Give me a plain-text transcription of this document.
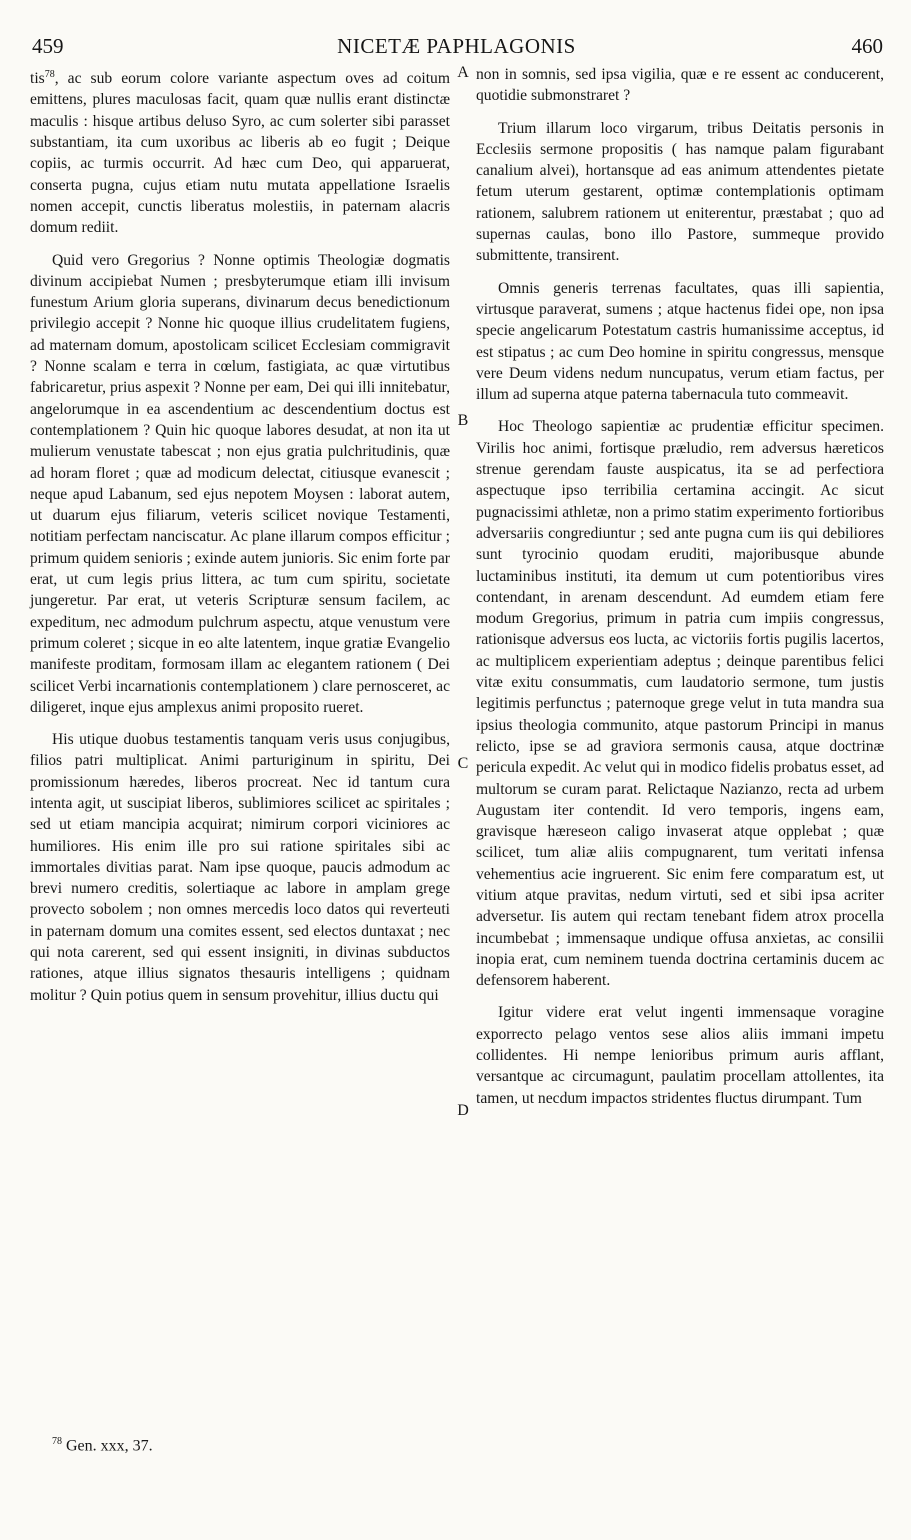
459	NICETÆ PAPHLAGONIS	460

tis$^{78}$, ac sub eorum colore variante aspectum oves ad coitum emittens, plures maculosas facit, quam quæ nullis erant distinctæ maculis : hisque artibus deluso Syro, ac cum solerter sibi parasset substantiam, ita cum uxoribus ac liberis ab eo fugit ; Deique copiis, ac turmis occurrit. Ad hæc cum Deo, qui apparuerat, conserta pugna, cujus etiam nutu mutata appellatione Israelis nomen accepit, cunctis liberatus molestiis, in paternam alacris domum rediit.

Quid vero Gregorius ? Nonne optimis Theologiæ dogmatis divinum accipiebat Numen ; presbyterumque etiam illi invisum funestum Arium gloria superans, divinarum decus benedictionum privilegio accepit ? Nonne hic quoque illius crudelitatem fugiens, ad maternam domum, apostolicam scilicet Ecclesiam commigravit ? Nonne scalam e terra in cœlum, fastigiata, ac quæ virtutibus fabricaretur, prius aspexit ? Nonne per eam, Dei qui illi innitebatur, angelorumque in ea ascendentium ac descendentium doctus est contemplationem ? Quin hic quoque labores desudat, at non ita ut mulierum venustate tabescat ; non ejus gratia pulchritudinis, quæ ad horam floret ; quæ ad modicum delectat, citiusque evanescit ; neque apud Labanum, sed ejus nepotem Moysen : laborat autem, ut duarum ejus filiarum, veteris scilicet novique Testamenti, notitiam perfectam nanciscatur. Ac plane illarum compos efficitur ; primum quidem senioris ; exinde autem junioris. Sic enim forte par erat, ut cum legis prius littera, ac tum cum spiritu, societate jungeretur. Par erat, ut veteris Scripturæ sensum facilem, ac expeditum, nec admodum pulchrum aspectu, atque venustum vere primum coleret ; sicque in eo alte latentem, inque gratiæ Evangelio manifeste proditam, formosam illam ac elegantem rationem ( Dei scilicet Verbi incarnationis contemplationem ) clare pernosceret, ac diligeret, inque ejus amplexus animi proposito rueret.

His utique duobus testamentis tanquam veris usus conjugibus, filios patri multiplicat. Animi parturiginum in spiritu, Dei promissionum hæredes, liberos procreat. Nec id tantum cura intenta agit, ut suscipiat liberos, sublimiores scilicet ac spiritales ; sed ut etiam mancipia acquirat; nimirum corpori viciniores ac humiliores. His enim ille pro sui ratione spiritales sibi ac immortales divitias parat. Nam ipse quoque, paucis admodum ac brevi numero creditis, solertiaque ac labore in amplam grege provecto sobolem ; non omnes mercedis loco datos qui reverteuti in paternam domum una comites essent, sed electos duntaxat ; nec qui nota carerent, sed qui essent insigniti, in divinas subductos rationes, atque illius signatos thesauris intelligens ; quidnam molitur ? Quin potius quem in sensum provehitur, illius ductu qui

A
B
C
D

non in somnis, sed ipsa vigilia, quæ e re essent ac conducerent, quotidie submonstraret ?

Trium illarum loco virgarum, tribus Deitatis personis in Ecclesiis sermone propositis ( has namque palam figurabant canalium alvei), hortansque ad eas animum attendentes pietate fetum uterum gestarent, optimæ contemplationis optimam rationem, salubrem rationem ut eniterentur, præstabat ; quo ad supernas caulas, bono illo Pastore, summeque provido submittente, transirent.

Omnis generis terrenas facultates, quas illi sapientia, virtusque paraverat, sumens ; atque hactenus fidei ope, non ipsa specie angelicarum Potestatum castris humanissime acceptus, id est stipatus ; ac cum Deo homine in spiritu congressus, mensque vere Deum videns nedum nuncupatus, verum etiam factus, per illum ad superna atque paterna tabernacula tuto commeavit.

Hoc Theologo sapientiæ ac prudentiæ efficitur specimen. Virilis hoc animi, fortisque præludio, rem adversus hæreticos strenue gerendam fauste auspicatus, ita se ad perfectiora aspectuque ipso terribilia certamina accingit. Ac sicut pugnacissimi athletæ, non a primo statim experimento fortioribus adversariis congrediuntur ; sed ante pugna cum iis qui debiliores sunt tyrocinio quodam eruditi, majoribusque abunde luctaminibus instituti, ita demum ut cum potentioribus vires contendant, in arenam descendunt. Ad eumdem etiam fere modum Gregorius, primum in patria cum impiis congressus, rationisque adversus eos lucta, ac victoriis fortis pugilis lacertos, ac multiplicem experientiam adeptus ; deinque parentibus felici vitæ exitu consummatis, cum laudatorio sermone, tum justis legitimis perfunctus ; paternoque grege velut in tuta mandra sua ipsius theologia communito, atque pastorum Principi in manus relicto, ipse se ad graviora sermonis causa, atque doctrinæ pericula expedit. Ac velut qui in modico fidelis probatus esset, ad multorum se curam parat. Relictaque Nazianzo, recta ad urbem Augustam iter contendit. Id vero temporis, ingens eam, gravisque hæreseon caligo invaserat atque opplebat ; quæ scilicet, tum aliæ aliis compugnarent, tum veritati infensa vehementius acie ingruerent. Sic enim fere comparatum est, ut vitium atque pravitas, nedum virtuti, sed et sibi ipsa acriter adversetur. Iis autem qui rectam tenebant fidem atrox procella incumbebat ; immensaque undique offusa anxietas, ac consilii inopia erat, cum neminem tuenda doctrina certaminis ducem ac defensorem haberent.

Igitur videre erat velut ingenti immensaque voragine exporrecto pelago ventos sese alios aliis immani impetu collidentes. Hi nempe lenioribus primum auris afflant, versantque ac circumagunt, paulatim procellam attollentes, ita tamen, ut necdum impactos stridentes fluctus dirumpant. Tum

$^{78}$ Gen. xxx, 37.
